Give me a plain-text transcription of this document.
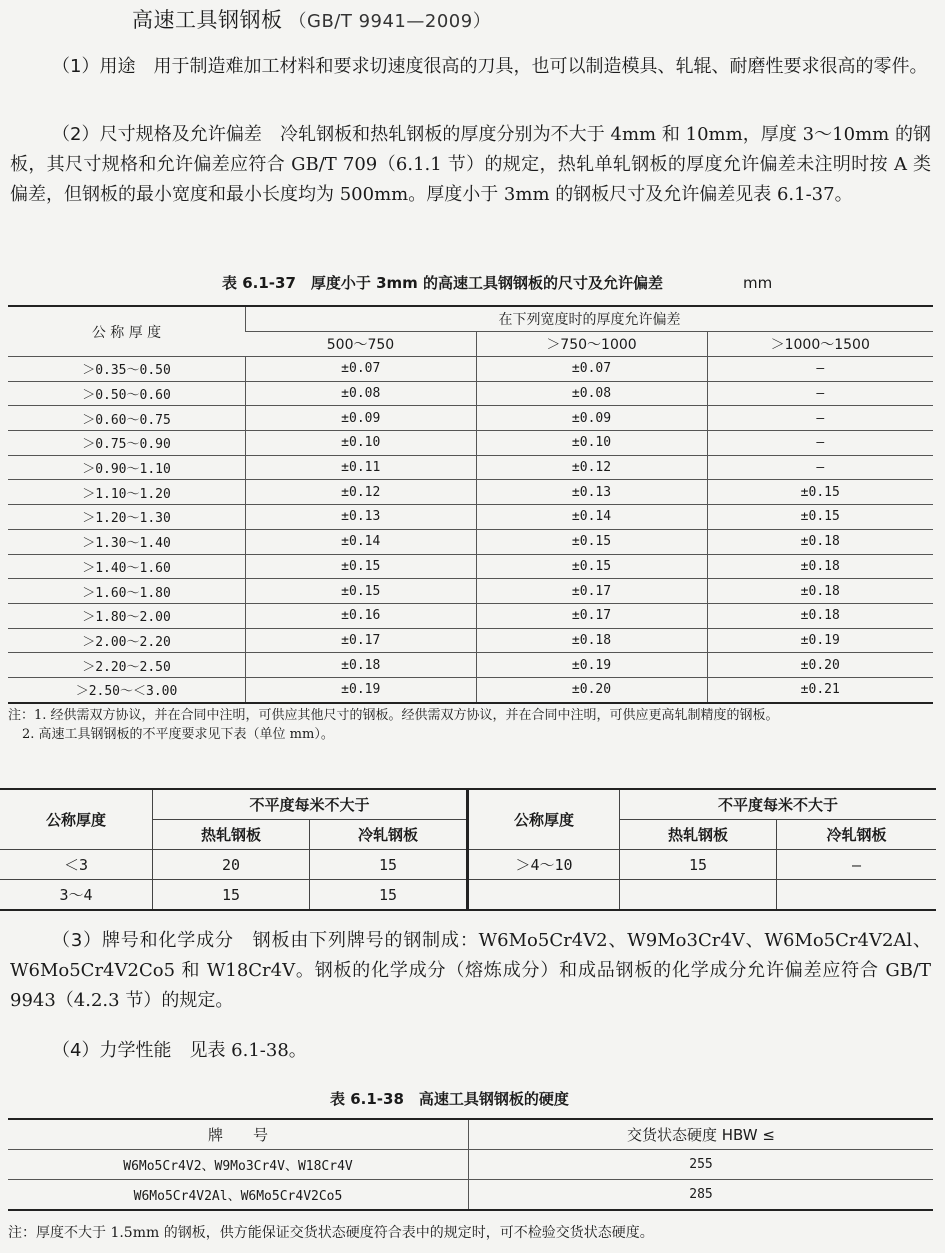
高速工具钢钢板 （GB/T 9941—2009）

（1）用途　 用于制造难加工材料和要求切速度很高的刀具，也可以制造模具、轧辊、耐磨性要求很高的零件。

（2）尺寸规格及允许偏差　 冷轧钢板和热轧钢板的厚度分别为不大于 4mm 和 10mm，厚度 3～10mm 的钢板，其尺寸规格和允许偏差应符合 GB/T 709（6.1.1 节）的规定，热轧单轧钢板的厚度允许偏差未注明时按 A 类偏差，但钢板的最小宽度和最小长度均为 500mm。厚度小于 3mm 的钢板尺寸及允许偏差见表 6.1-37。

表 6.1-37　厚度小于 3mm 的高速工具钢钢板的尺寸及允许偏差	mm
公 称 厚 度	在下列宽度时的厚度允许偏差		
	500～750	＞750～1000	＞1000～1500
＞0.35～0.50	±0.07	±0.07	—
＞0.50～0.60	±0.08	±0.08	—
＞0.60～0.75	±0.09	±0.09	—
＞0.75～0.90	±0.10	±0.10	—
＞0.90～1.10	±0.11	±0.12	—
＞1.10～1.20	±0.12	±0.13	±0.15
＞1.20～1.30	±0.13	±0.14	±0.15
＞1.30～1.40	±0.14	±0.15	±0.18
＞1.40～1.60	±0.15	±0.15	±0.18
＞1.60～1.80	±0.15	±0.17	±0.18
＞1.80～2.00	±0.16	±0.17	±0.18
＞2.00～2.20	±0.17	±0.18	±0.19
＞2.20～2.50	±0.18	±0.19	±0.20
＞2.50～＜3.00	±0.19	±0.20	±0.21
注：1. 经供需双方协议，并在合同中注明，可供应其他尺寸的钢板。经供需双方协议，并在合同中注明，可供应更高轧制精度的钢板。
2. 高速工具钢钢板的不平度要求见下表（单位 mm）。
公称厚度	不平度每米不大于		公称厚度	不平度每米不大于	
	热轧钢板	冷轧钢板		热轧钢板	冷轧钢板
＜3	20	15	＞4～10	15	—
3～4	15	15			

（3）牌号和化学成分　 钢板由下列牌号的钢制成：W6Mo5Cr4V2、W9Mo3Cr4V、W6Mo5Cr4V2Al、W6Mo5Cr4V2Co5 和 W18Cr4V。钢板的化学成分（熔炼成分）和成品钢板的化学成分允许偏差应符合 GB/T 9943（4.2.3 节）的规定。

（4）力学性能　 见表 6.1-38。

表 6.1-38　高速工具钢钢板的硬度
牌　　号	交货状态硬度 HBW ≤
W6Mo5Cr4V2、W9Mo3Cr4V、W18Cr4V	255
W6Mo5Cr4V2Al、W6Mo5Cr4V2Co5	285
注：厚度不大于 1.5mm 的钢板，供方能保证交货状态硬度符合表中的规定时，可不检验交货状态硬度。
